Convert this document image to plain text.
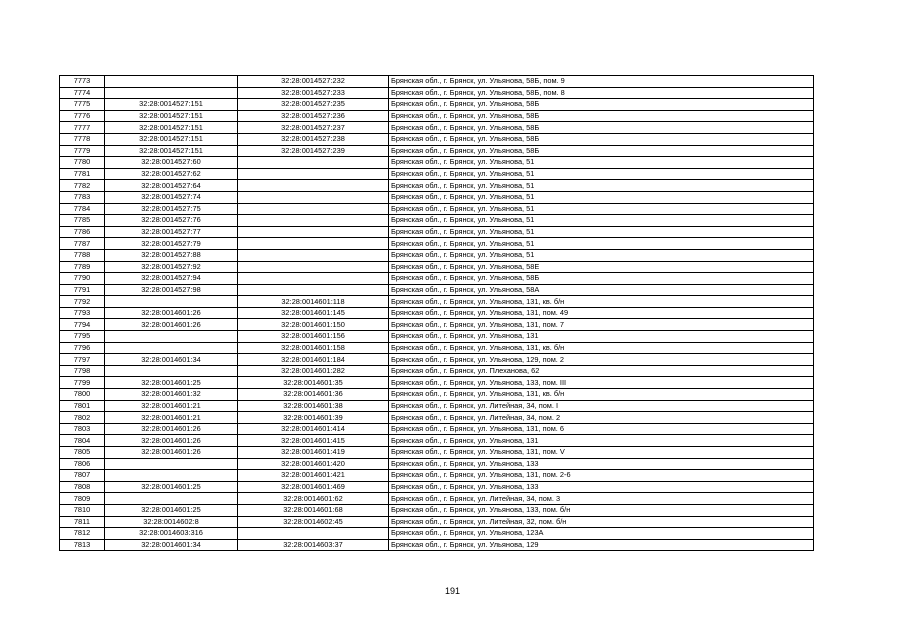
7773		32:28:0014527:232	Брянская обл., г. Брянск, ул. Ульянова, 58Б, пом. 9
7774		32:28:0014527:233	Брянская обл., г. Брянск, ул. Ульянова, 58Б, пом. 8
7775	32:28:0014527:151	32:28:0014527:235	Брянская обл., г. Брянск, ул. Ульянова, 58Б
7776	32:28:0014527:151	32:28:0014527:236	Брянская обл., г. Брянск, ул. Ульянова, 58Б
7777	32:28:0014527:151	32:28:0014527:237	Брянская обл., г. Брянск, ул. Ульянова, 58Б
7778	32:28:0014527:151	32:28:0014527:238	Брянская обл., г. Брянск, ул. Ульянова, 58Б
7779	32:28:0014527:151	32:28:0014527:239	Брянская обл., г. Брянск, ул. Ульянова, 58Б
7780	32:28:0014527:60		Брянская обл., г. Брянск, ул. Ульянова, 51
7781	32:28:0014527:62		Брянская обл., г. Брянск, ул. Ульянова, 51
7782	32:28:0014527:64		Брянская обл., г. Брянск, ул. Ульянова, 51
7783	32:28:0014527:74		Брянская обл., г. Брянск, ул. Ульянова, 51
7784	32:28:0014527:75		Брянская обл., г. Брянск, ул. Ульянова, 51
7785	32:28:0014527:76		Брянская обл., г. Брянск, ул. Ульянова, 51
7786	32:28:0014527:77		Брянская обл., г. Брянск, ул. Ульянова, 51
7787	32:28:0014527:79		Брянская обл., г. Брянск, ул. Ульянова, 51
7788	32:28:0014527:88		Брянская обл., г. Брянск, ул. Ульянова, 51
7789	32:28:0014527:92		Брянская обл., г. Брянск, ул. Ульянова, 58Е
7790	32:28:0014527:94		Брянская обл., г. Брянск, ул. Ульянова, 58Б
7791	32:28:0014527:98		Брянская обл., г. Брянск, ул. Ульянова, 58А
7792		32:28:0014601:118	Брянская обл., г. Брянск, ул. Ульянова, 131, кв. б/н
7793	32:28:0014601:26	32:28:0014601:145	Брянская обл., г. Брянск, ул. Ульянова, 131, пом. 49
7794	32:28:0014601:26	32:28:0014601:150	Брянская обл., г. Брянск, ул. Ульянова, 131, пом. 7
7795		32:28:0014601:156	Брянская обл., г. Брянск, ул. Ульянова, 131
7796		32:28:0014601:158	Брянская обл., г. Брянск, ул. Ульянова, 131, кв. б/н
7797	32:28:0014601:34	32:28:0014601:184	Брянская обл., г. Брянск, ул. Ульянова, 129, пом. 2
7798		32:28:0014601:282	Брянская обл., г. Брянск, ул. Плеханова, 62
7799	32:28:0014601:25	32:28:0014601:35	Брянская обл., г. Брянск, ул. Ульянова, 133, пом. III
7800	32:28:0014601:32	32:28:0014601:36	Брянская обл., г. Брянск, ул. Ульянова, 131, кв. б/н
7801	32:28:0014601:21	32:28:0014601:38	Брянская обл., г. Брянск, ул. Литейная, 34, пом. I
7802	32:28:0014601:21	32:28:0014601:39	Брянская обл., г. Брянск, ул. Литейная, 34, пом. 2
7803	32:28:0014601:26	32:28:0014601:414	Брянская обл., г. Брянск, ул. Ульянова, 131, пом. 6
7804	32:28:0014601:26	32:28:0014601:415	Брянская обл., г. Брянск, ул. Ульянова, 131
7805	32:28:0014601:26	32:28:0014601:419	Брянская обл., г. Брянск, ул. Ульянова, 131, пом. V
7806		32:28:0014601:420	Брянская обл., г. Брянск, ул. Ульянова, 133
7807		32:28:0014601:421	Брянская обл., г. Брянск, ул. Ульянова, 131, пом. 2-6
7808	32:28:0014601:25	32:28:0014601:469	Брянская обл., г. Брянск, ул. Ульянова, 133
7809		32:28:0014601:62	Брянская обл., г. Брянск, ул. Литейная, 34, пом. 3
7810	32:28:0014601:25	32:28:0014601:68	Брянская обл., г. Брянск, ул. Ульянова, 133, пом. б/н
7811	32:28:0014602:8	32:28:0014602:45	Брянская обл., г. Брянск, ул. Литейная, 32, пом. б/н
7812	32:28:0014603:316		Брянская обл., г. Брянск, ул. Ульянова, 123А
7813	32:28:0014601:34	32:28:0014603:37	Брянская обл., г. Брянск, ул. Ульянова, 129
191
